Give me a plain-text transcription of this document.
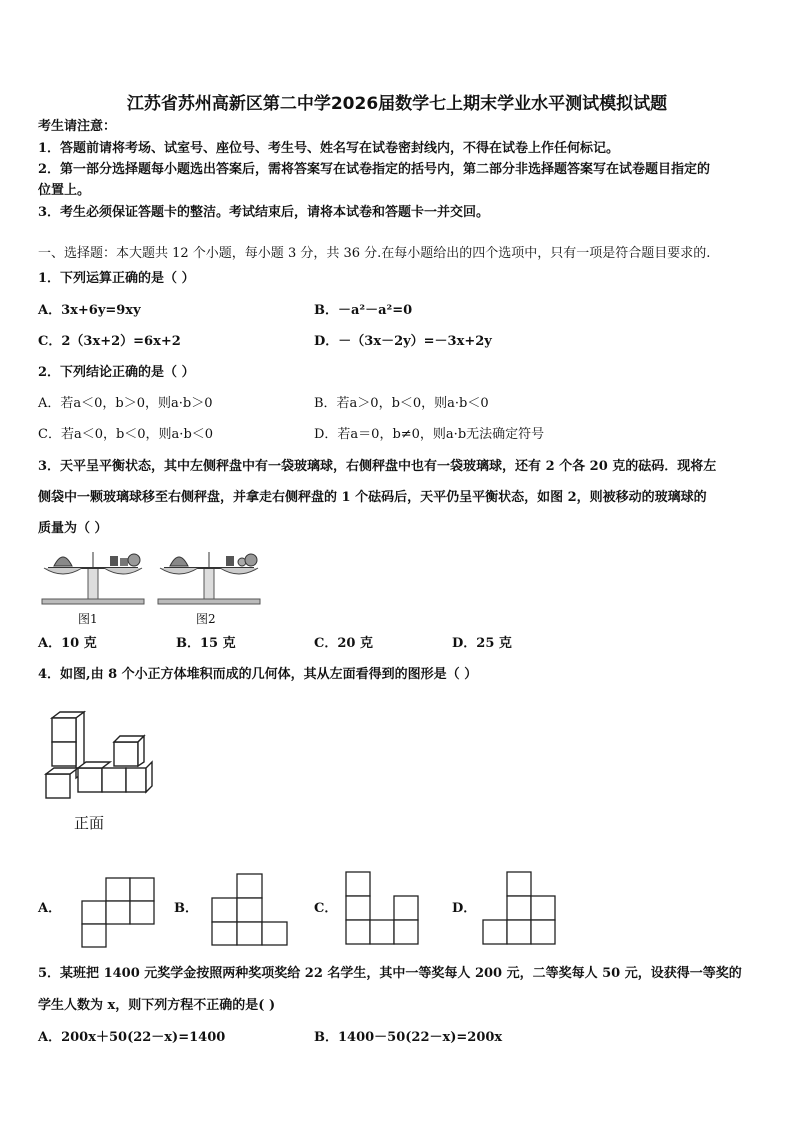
江苏省苏州高新区第二中学2026届数学七上期末学业水平测试模拟试题
考生请注意：
1．答题前请将考场、试室号、座位号、考生号、姓名写在试卷密封线内，不得在试卷上作任何标记。
2．第一部分选择题每小题选出答案后，需将答案写在试卷指定的括号内，第二部分非选择题答案写在试卷题目指定的
位置上。
3．考生必须保证答题卡的整洁。考试结束后，请将本试卷和答题卡一并交回。
一、选择题：本大题共 12 个小题，每小题 3 分，共 36 分.在每小题给出的四个选项中，只有一项是符合题目要求的.
1．下列运算正确的是（ ）
A．3x+6y=9xy	B．－a²－a²=0
C．2（3x+2）=6x+2	D．－（3x－2y）=－3x+2y
2．下列结论正确的是（ ）
A．若a＜0，b＞0，则a·b＞0	B．若a＞0，b＜0，则a·b＜0
C．若a＜0，b＜0，则a·b＜0	D．若a＝0，b≠0，则a·b无法确定符号
3．天平呈平衡状态，其中左侧秤盘中有一袋玻璃球，右侧秤盘中也有一袋玻璃球，还有 2 个各 20 克的砝码．现将左
侧袋中一颗玻璃球移至右侧秤盘，并拿走右侧秤盘的 1 个砝码后，天平仍呈平衡状态，如图 2，则被移动的玻璃球的
质量为（ ）
图1	图2
A．10 克	B．15 克	C．20 克	D．25 克
4．如图,由 8 个小正方体堆积而成的几何体，其从左面看得到的图形是（ ）
正面
A．	B．	C．	D．
5．某班把 1400 元奖学金按照两种奖项奖给 22 名学生，其中一等奖每人 200 元，二等奖每人 50 元，设获得一等奖的
学生人数为 x，则下列方程不正确的是( )
A．200x＋50(22－x)=1400	B．1400－50(22－x)=200x
